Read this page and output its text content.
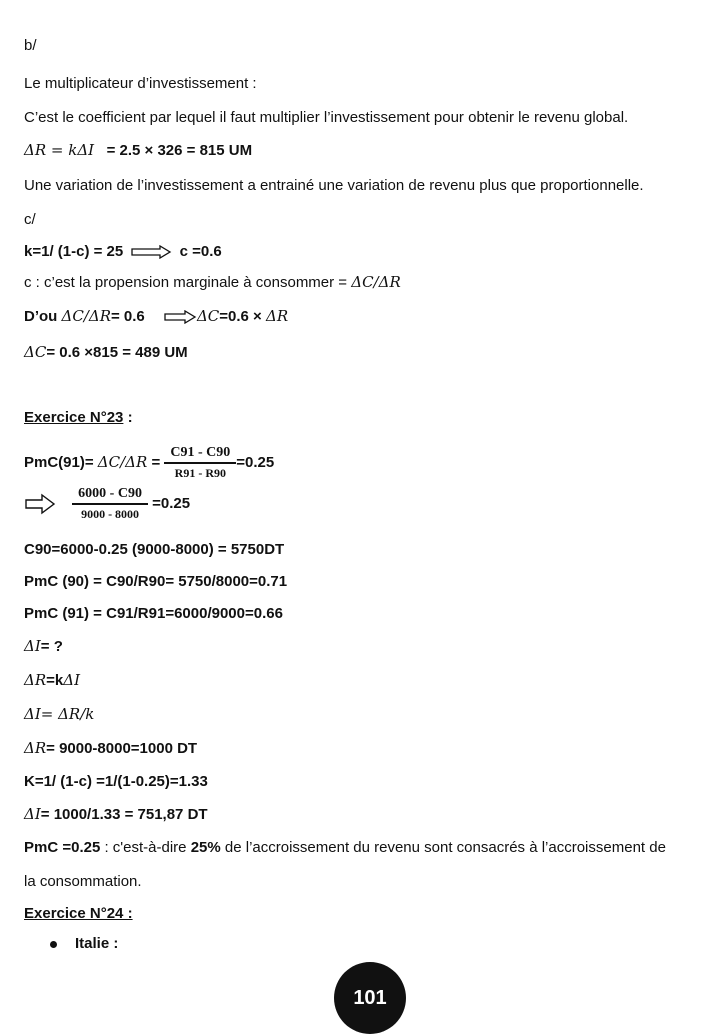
b/
Le multiplicateur d’investissement :
C’est le coefficient par lequel il faut multiplier l’investissement pour obtenir le revenu global.
ΔR = kΔI = 2.5 × 326 = 815 UM
Une variation de l’investissement a entrainé une variation de revenu plus que proportionnelle.
c/
k=1/ (1-c) = 25	c =0.6
c : c’est la propension marginale à consommer = ΔC/ΔR
D’ou ΔC/ΔR= 0.6	ΔC=0.6 × ΔR
ΔC= 0.6 ×815 = 489 UM
Exercice N°23 :
$PmC(91)= \Delta C/\Delta R = \frac{C91 - C90}{R91 - R90} =0.25$

$\frac{6000 - C90}{9000 - 8000} =0.25$
C90=6000-0.25 (9000-8000) = 5750DT
PmC (90) = C90/R90= 5750/8000=0.71
PmC (91) = C91/R91=6000/9000=0.66
ΔI= ?
ΔR=kΔI
ΔI= ΔR/k
ΔR= 9000-8000=1000 DT
K=1/ (1-c) =1/(1-0.25)=1.33
ΔI= 1000/1.33 = 751,87 DT
PmC =0.25 : c'est-à-dire 25% de l’accroissement du revenu sont consacrés à l’accroissement de
la consommation.
Exercice N°24 :
Italie :
101
